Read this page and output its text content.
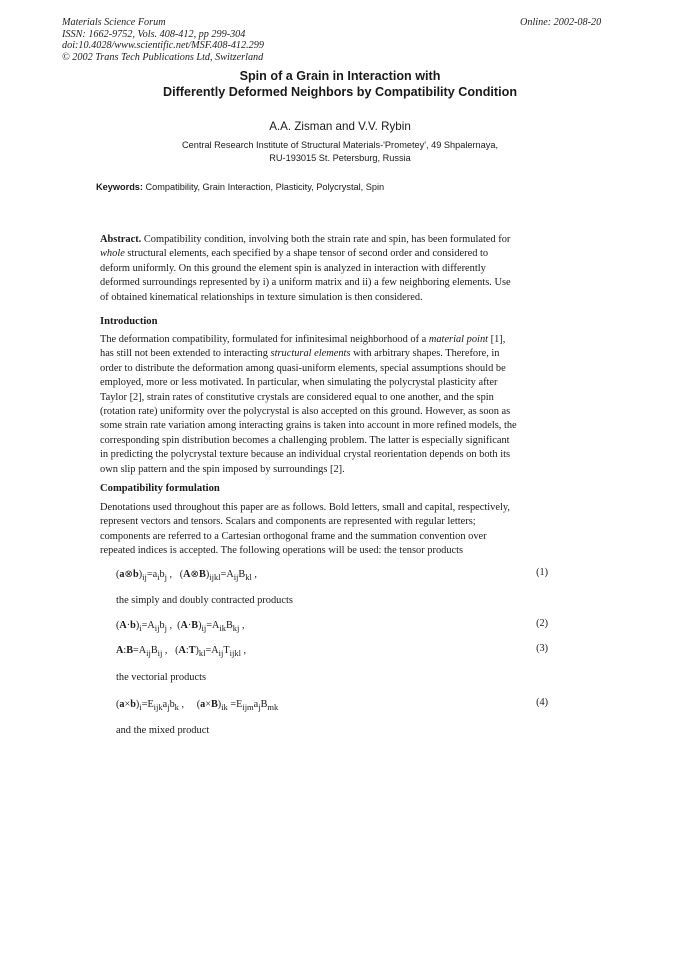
Materials Science Forum
ISSN: 1662-9752, Vols. 408-412, pp 299-304
doi:10.4028/www.scientific.net/MSF.408-412.299
© 2002 Trans Tech Publications Ltd, Switzerland
Online: 2002-08-20
Spin of a Grain in Interaction with
Differently Deformed Neighbors by Compatibility Condition
A.A. Zisman and V.V. Rybin
Central Research Institute of Structural Materials-'Prometey', 49 Shpalernaya,
RU-193015 St. Petersburg, Russia
Keywords: Compatibility, Grain Interaction, Plasticity, Polycrystal, Spin
Abstract. Compatibility condition, involving both the strain rate and spin, has been formulated for
whole structural elements, each specified by a shape tensor of second order and considered to
deform uniformly. On this ground the element spin is analyzed in interaction with differently
deformed surroundings represented by i) a uniform matrix and ii) a few neighboring elements. Use
of obtained kinematical relationships in texture simulation is then considered.
Introduction
The deformation compatibility, formulated for infinitesimal neighborhood of a material point [1],
has still not been extended to interacting structural elements with arbitrary shapes. Therefore, in
order to distribute the deformation among quasi-uniform elements, special assumptions should be
employed, more or less motivated. In particular, when simulating the polycrystal plasticity after
Taylor [2], strain rates of constitutive crystals are considered equal to one another, and the spin
(rotation rate) uniformity over the polycrystal is also accepted on this ground. However, as soon as
some strain rate variation among interacting grains is taken into account in more refined models, the
corresponding spin distribution becomes a challenging problem. The latter is especially significant
in predicting the polycrystal texture because an individual crystal reorientation depends on both its
own slip pattern and the spin imposed by surroundings [2].
Compatibility formulation
Denotations used throughout this paper are as follows. Bold letters, small and capital, respectively,
represent vectors and tensors. Scalars and components are represented with regular letters;
components are referred to a Cartesian orthogonal frame and the summation convention over
repeated indices is accepted. The following operations will be used: the tensor products
$(a\otimes b)_{ij}=a_ib_j$ ,   $(A\otimes B)_{ijkl}=A_{ij}B_{kl}$ ,	(1)
the simply and doubly contracted products
$(A\cdot b)_i=A_{ij}b_j$ ,  $(A\cdot B)_{ij}=A_{ik}B_{kj}$ ,	(2)
$A:B=A_{ij}B_{ij}$ ,   $(A:T)_{kl}=A_{ij}T_{ijkl}$ ,	(3)
the vectorial products
$(a\times b)_i=E_{ijk}a_jb_k$ ,     $(a\times B)_{ik} =E_{ijm}a_jB_{mk}$	(4)
and the mixed product
